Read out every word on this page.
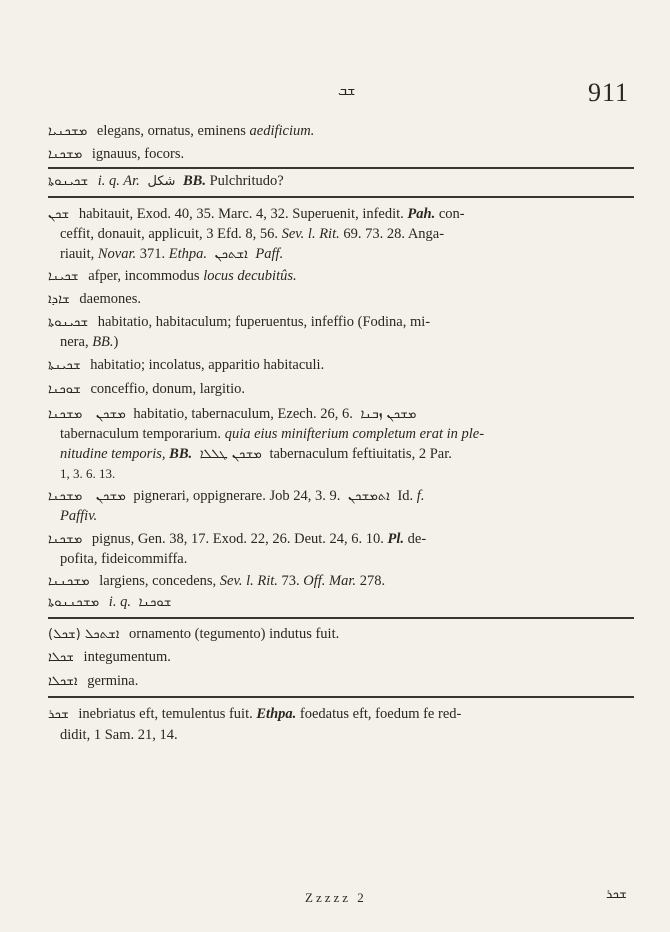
ܫܒ	911
ܡܫܟܢܝܐ elegans, ornatus, eminens aedificium.
ܡܫܟܢܐ ignauus, focors.
ܫܟܝܢܘܬܐ i. q. Ar. ﺷﻜﻞ BB. Pulchritudo?
ܫܟܢ habitauit, Exod. 40, 35. Marc. 4, 32. Superuenit, infedit. Pah. con-
ceffit, donauit, applicuit, 3 Efd. 8, 56. Sev. l. Rit. 69. 73. 28. Anga-
riauit, Novar. 371. Ethpa. ܐܫܬܟܢ Paff.
ܫܟܝܢܐ afper, incommodus locus decubitûs.
ܫܐܕܐ daemones.
ܫܟܝܢܘܬܐ habitatio, habitaculum; fuperuentus, infeffio (Fodina, mi-
nera, BB.)
ܫܟܝܢܬܐ habitatio; incolatus, apparitio habitaculi.
ܫܘܟܢܐ conceffio, donum, largitio.
ܡܫܟܢܐ ܡܫܟܢ habitatio, tabernaculum, Ezech. 26, 6. ܡܫܟܢ ܙܒܢܐ
tabernaculum temporarium. quia eius minifterium completum erat in ple-
nitudine temporis, BB. ܡܫܟܢ ܛܠܠܐ tabernaculum feftiuitatis, 2 Par.
1, 3. 6. 13.
ܡܫܟܢܐ ܡܫܟܢ pignerari, oppignerare. Job 24, 3. 9. ܐܬܡܫܟܢ Id. f.
Paffiv.
ܡܫܟܢܐ pignus, Gen. 38, 17. Exod. 22, 26. Deut. 24, 6. 10. Pl. de-
pofita, fideicommiffa.
ܡܫܟܢܢܐ largiens, concedens, Sev. l. Rit. 73. Off. Mar. 278.
ܡܫܟܢܢܘܬܐ i. q. ܫܘܟܢܐ
ܐܫܬܟܠ (ܫܟܠ) ornamento (tegumento) indutus fuit.
ܫܟܠܐ integumentum.
ܐܫܟܠܐ germina.
ܫܟܪ inebriatus eft, temulentus fuit. Ethpa. foedatus eft, foedum fe red-
didit, 1 Sam. 21, 14.
Zzzzz 2	ܫܟܪ
